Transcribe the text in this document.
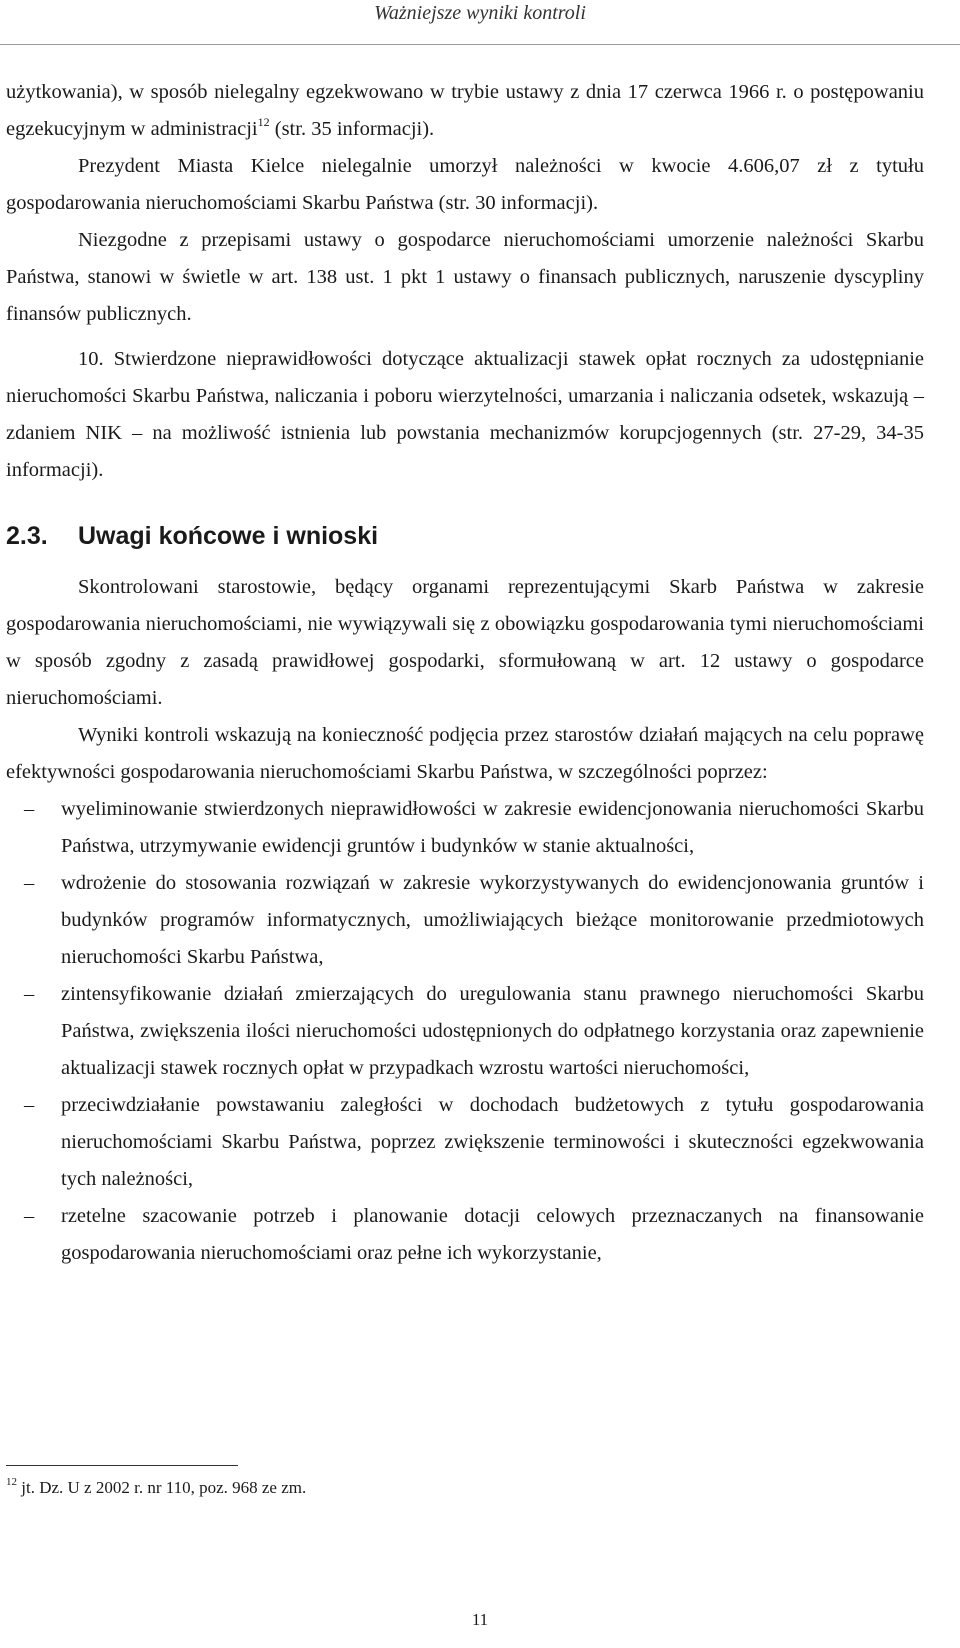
Ważniejsze wyniki kontroli

użytkowania), w sposób nielegalny egzekwowano w trybie ustawy z dnia 17 czerwca 1966 r. o postępowaniu egzekucyjnym w administracji$^{12}$ (str. 35 informacji).

Prezydent Miasta Kielce nielegalnie umorzył należności w kwocie 4.606,07 zł z tytułu gospodarowania nieruchomościami Skarbu Państwa (str. 30 informacji).

Niezgodne z przepisami ustawy o gospodarce nieruchomościami umorzenie należności Skarbu Państwa, stanowi w świetle w art. 138 ust. 1 pkt 1 ustawy o finansach publicznych, naruszenie dyscypliny finansów publicznych.

10. Stwierdzone nieprawidłowości dotyczące aktualizacji stawek opłat rocznych za udostępnianie nieruchomości Skarbu Państwa, naliczania i poboru wierzytelności, umarzania i naliczania odsetek, wskazują – zdaniem NIK – na możliwość istnienia lub powstania mechanizmów korupcjogennych (str. 27-29, 34-35 informacji).

2.3. Uwagi końcowe i wnioski

Skontrolowani starostowie, będący organami reprezentującymi Skarb Państwa w zakresie gospodarowania nieruchomościami, nie wywiązywali się z obowiązku gospodarowania tymi nieruchomościami w sposób zgodny z zasadą prawidłowej gospodarki, sformułowaną w art. 12 ustawy o gospodarce nieruchomościami.

Wyniki kontroli wskazują na konieczność podjęcia przez starostów działań mających na celu poprawę efektywności gospodarowania nieruchomościami Skarbu Państwa, w szczególności poprzez:

– wyeliminowanie stwierdzonych nieprawidłowości w zakresie ewidencjonowania nieruchomości Skarbu Państwa, utrzymywanie ewidencji gruntów i budynków w stanie aktualności,
– wdrożenie do stosowania rozwiązań w zakresie wykorzystywanych do ewidencjonowania gruntów i budynków programów informatycznych, umożliwiających bieżące monitorowanie przedmiotowych nieruchomości Skarbu Państwa,
– zintensyfikowanie działań zmierzających do uregulowania stanu prawnego nieruchomości Skarbu Państwa, zwiększenia ilości nieruchomości udostępnionych do odpłatnego korzystania oraz zapewnienie aktualizacji stawek rocznych opłat w przypadkach wzrostu wartości nieruchomości,
– przeciwdziałanie powstawaniu zaległości w dochodach budżetowych z tytułu gospodarowania nieruchomościami Skarbu Państwa, poprzez zwiększenie terminowości i skuteczności egzekwowania tych należności,
– rzetelne szacowanie potrzeb i planowanie dotacji celowych przeznaczanych na finansowanie gospodarowania nieruchomościami oraz pełne ich wykorzystanie,
$^{12}$ jt. Dz. U z 2002 r. nr 110, poz. 968 ze zm.
11
